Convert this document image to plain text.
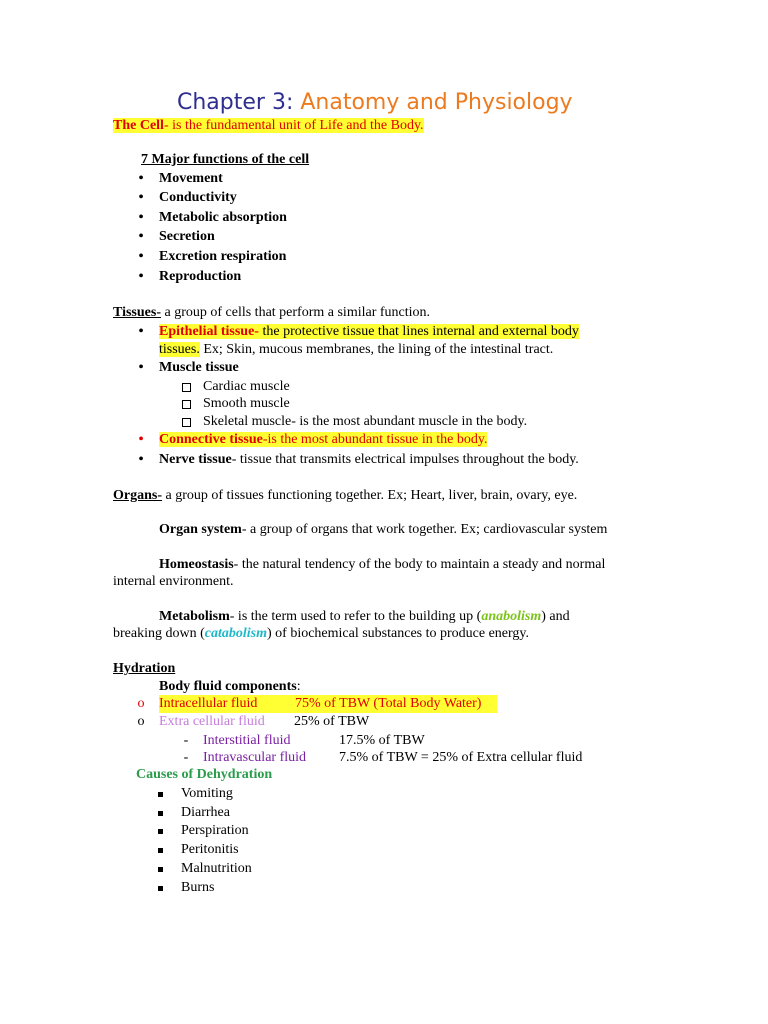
Chapter 3: Anatomy and Physiology
The Cell- is the fundamental unit of Life and the Body.
7 Major functions of the cell
•
Movement
•
Conductivity
•
Metabolic absorption
•
Secretion
•
Excretion respiration
•
Reproduction
Tissues- a group of cells that perform a similar function.
•
Epithelial tissue- the protective tissue that lines internal and external body
tissues. Ex; Skin, mucous membranes, the lining of the intestinal tract.
•
Muscle tissue
Cardiac muscle
Smooth muscle
Skeletal muscle- is the most abundant muscle in the body.
•
Connective tissue-is the most abundant tissue in the body.
•
Nerve tissue- tissue that transmits electrical impulses throughout the body.
Organs- a group of tissues functioning together. Ex; Heart, liver, brain, ovary, eye.
Organ system- a group of organs that work together. Ex; cardiovascular system
Homeostasis- the natural tendency of the body to maintain a steady and normal
internal environment.
Metabolism- is the term used to refer to the building up (anabolism) and
breaking down (catabolism) of biochemical substances to produce energy.
Hydration
Body fluid components:
o	Intracellular fluid	75% of TBW (Total Body Water)
o	Extra cellular fluid 25% of TBW
-	Interstitial fluid	17.5% of TBW
-	Intravascular fluid 7.5% of TBW = 25% of Extra cellular fluid
Causes of Dehydration
Vomiting
Diarrhea
Perspiration
Peritonitis
Malnutrition
Burns
